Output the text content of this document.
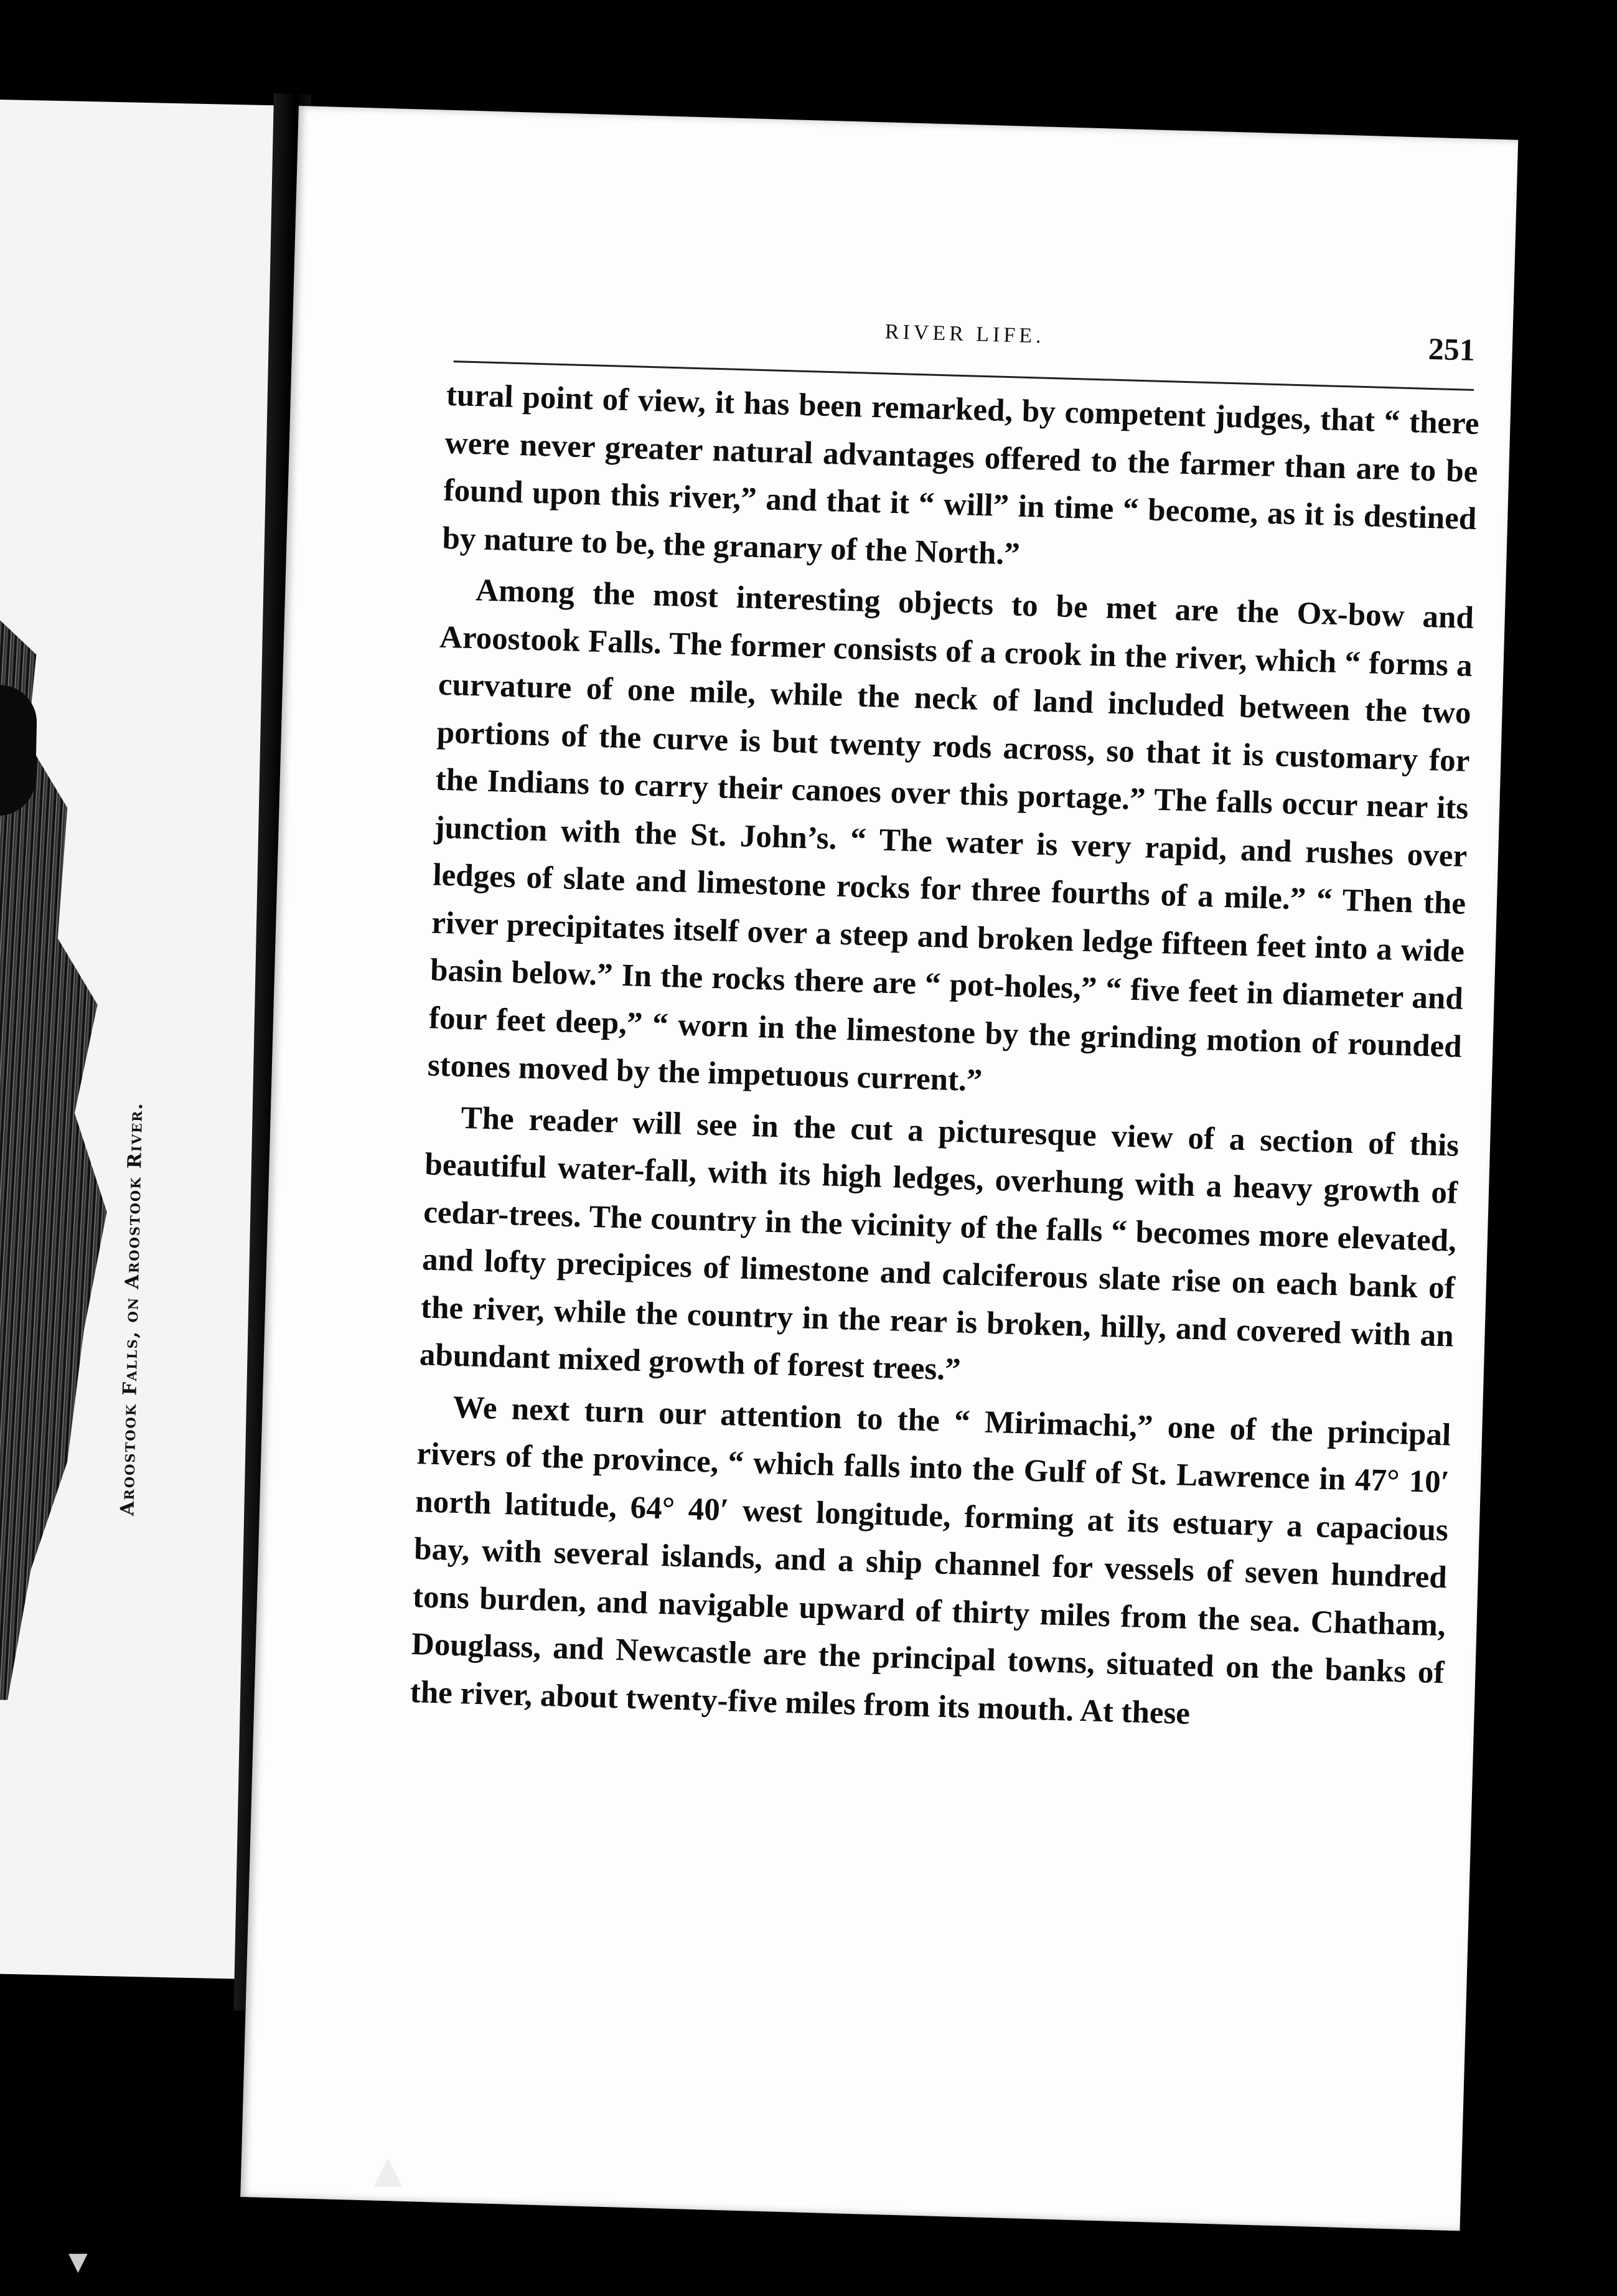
Aroostook Falls, on Aroostook River.
RIVER LIFE.	251

tural point of view, it has been remarked, by competent judges, that “ there were never greater natural advantages offered to the farmer than are to be found upon this river,” and that it “ will” in time “ become, as it is destined by nature to be, the granary of the North.”

Among the most interesting objects to be met are the Ox-bow and Aroostook Falls. The former consists of a crook in the river, which “ forms a curvature of one mile, while the neck of land included between the two portions of the curve is but twenty rods across, so that it is customary for the Indians to carry their canoes over this portage.” The falls occur near its junction with the St. John’s. “ The water is very rapid, and rushes over ledges of slate and limestone rocks for three fourths of a mile.” “ Then the river precipitates itself over a steep and broken ledge fifteen feet into a wide basin below.” In the rocks there are “ pot-holes,” “ five feet in diameter and four feet deep,” “ worn in the limestone by the grinding motion of rounded stones moved by the impetuous current.”

The reader will see in the cut a picturesque view of a section of this beautiful water-fall, with its high ledges, overhung with a heavy growth of cedar-trees. The country in the vicinity of the falls “ becomes more elevated, and lofty precipices of limestone and calciferous slate rise on each bank of the river, while the country in the rear is broken, hilly, and covered with an abundant mixed growth of forest trees.”

We next turn our attention to the “ Mirimachi,” one of the principal rivers of the province, “ which falls into the Gulf of St. Lawrence in 47° 10′ north latitude, 64° 40′ west longitude, forming at its estuary a capacious bay, with several islands, and a ship channel for vessels of seven hundred tons burden, and navigable upward of thirty miles from the sea. Chatham, Douglass, and Newcastle are the principal towns, situated on the banks of the river, about twenty-five miles from its mouth. At these

▲
▼
